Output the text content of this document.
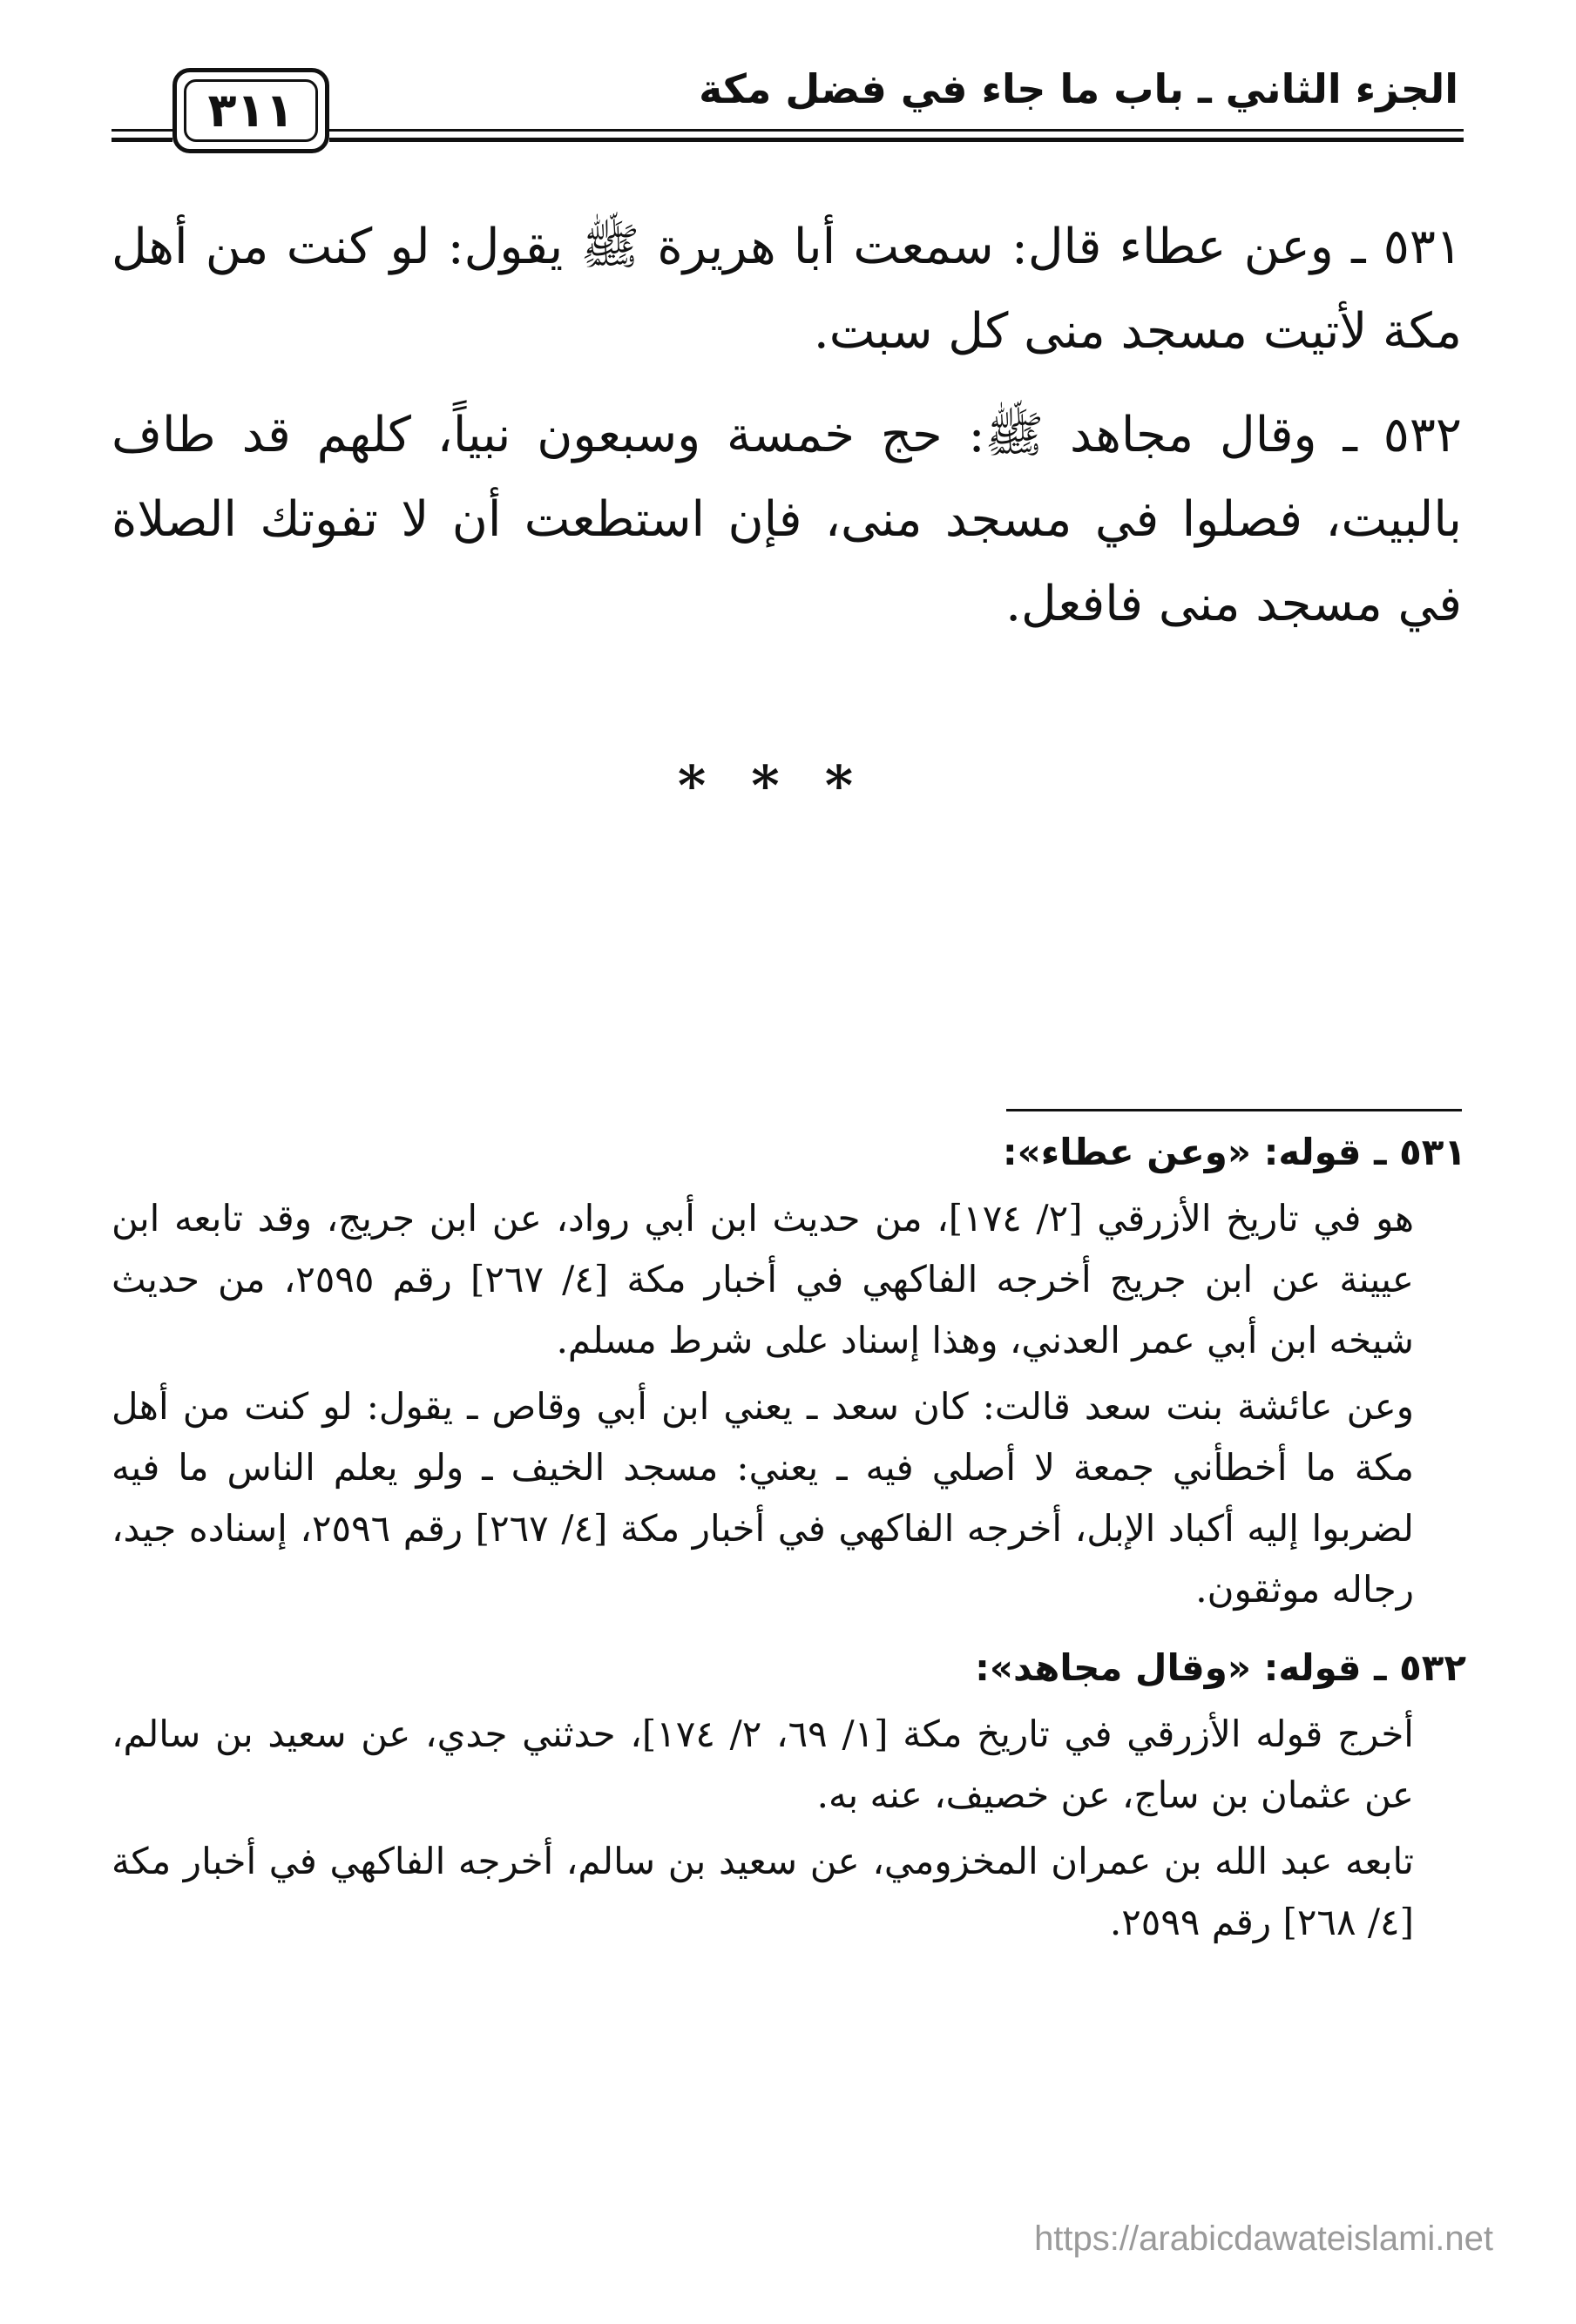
الجزء الثاني ـ باب ما جاء في فضل مكة
٣١١

٥٣١ ـ وعن عطاء قال: سمعت أبا هريرة ﷺ يقول: لو كنت من أهل مكة لأتيت مسجد منى كل سبت.

٥٣٢ ـ وقال مجاهد ﷺ: حج خمسة وسبعون نبياً، كلهم قد طاف بالبيت، فصلوا في مسجد منى، فإن استطعت أن لا تفوتك الصلاة في مسجد منى فافعل.

***
٥٣١ ـ قوله: «وعن عطاء»:

هو في تاريخ الأزرقي [٢/ ١٧٤]، من حديث ابن أبي رواد، عن ابن جريج، وقد تابعه ابن عيينة عن ابن جريج أخرجه الفاكهي في أخبار مكة [٤/ ٢٦٧] رقم ٢٥٩٥، من حديث شيخه ابن أبي عمر العدني، وهذا إسناد على شرط مسلم.

وعن عائشة بنت سعد قالت: كان سعد ـ يعني ابن أبي وقاص ـ يقول: لو كنت من أهل مكة ما أخطأني جمعة لا أصلي فيه ـ يعني: مسجد الخيف ـ ولو يعلم الناس ما فيه لضربوا إليه أكباد الإبل، أخرجه الفاكهي في أخبار مكة [٤/ ٢٦٧] رقم ٢٥٩٦، إسناده جيد، رجاله موثقون.

٥٣٢ ـ قوله: «وقال مجاهد»:

أخرج قوله الأزرقي في تاريخ مكة [١/ ٦٩، ٢/ ١٧٤]، حدثني جدي، عن سعيد بن سالم، عن عثمان بن ساج، عن خصيف، عنه به.

تابعه عبد الله بن عمران المخزومي، عن سعيد بن سالم، أخرجه الفاكهي في أخبار مكة [٤/ ٢٦٨] رقم ٢٥٩٩.

https://arabicdawateislami.net
